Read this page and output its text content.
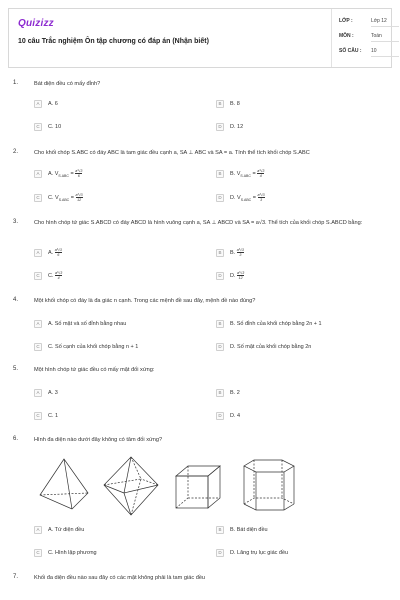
Quizizz
10 câu Trắc nghiệm Ôn tập chương có đáp án (Nhận biết)
LỚP :	Lớp 12
MÔN :	Toán
SỐ CÂU : 10
1.	Bát diện đều có mấy đỉnh?
A	A. 6	B	B. 8
C	C. 10	D	D. 12
2.	Cho khối chóp S.ABC có đáy ABC là tam giác đều cạnh a, SA ⊥ ABC và SA = a. Tính thể tích khối chóp S.ABC
A	A. $V_{S.ABC} = \frac{\text{a³√3}}{6}$	B	B. $V_{S.ABC} = \frac{\text{a³√3}}{4}$
C	C. $V_{S.ABC} = \frac{\text{a³√3}}{12}$	D	D. $V_{S.ABC} = \frac{\text{a³√3}}{3}$
3.	Cho hình chóp tứ giác S.ABCD có đáy ABCD là hình vuông cạnh a, SA ⊥ ABCD và SA = a√3. Thể tích của khối chóp S.ABCD bằng:
A	A. $\frac{\text{a³√3}}{6}$	B	B. $\frac{\text{a³√3}}{3}$
C	C. $\frac{\text{a³√3}}{4}$	D	D. $\frac{\text{a³√3}}{12}$
4.	Một khối chóp có đáy là đa giác n cạnh. Trong các mệnh đề sau đây, mệnh đề nào đúng?
A	A. Số mặt và số đỉnh bằng nhau	B	B. Số đỉnh của khối chóp bằng 2n + 1
C	C. Số cạnh của khối chóp bằng n + 1	D	D. Số mặt của khối chóp bằng 2n
5.	Một hình chóp tứ giác đều có mấy mặt đối xứng:
A	A. 3	B	B. 2
C	C. 1	D	D. 4
6.	Hình đa diện nào dưới đây không có tâm đối xứng?
A	A. Tứ diện đều	B	B. Bát diện đều
C	C. Hình lập phương	D	D. Lăng trụ lục giác đều
7.	Khối đa diện đều nào sau đây có các mặt không phải là tam giác đều
